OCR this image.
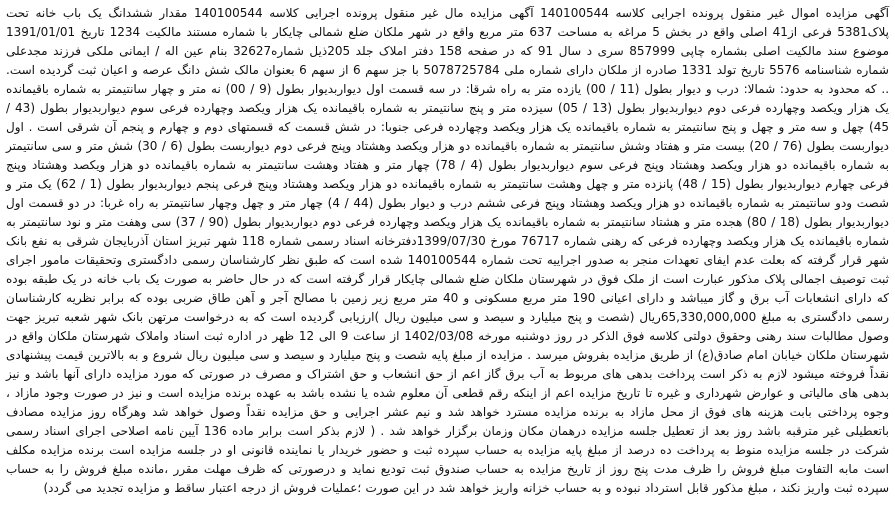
آگهی مزایده اموال غیر منقول پرونده اجرایی کلاسه 140100544 آگهی مزایده مال غیر منقول پرونده اجرایی کلاسه 140100544 مقدار ششدانگ یک باب خانه تحت پلاک5381 فرعی از41 اصلی واقع در بخش 5 مراغه به مساحت 637 متر مربع واقع در شهر ملکان ضلع شمالی چایکار با شماره مستند مالکیت 1234 تاریخ 1391/01/01 موضوع سند مالکیت اصلی بشماره چاپی 857999 سری د سال 91 که در صفحه 158 دفتر املاک جلد 205ذیل شماره32627 بنام عین اله / ایمانی ملکی فرزند مجدعلی شماره شناسنامه 5576 تاریخ تولد 1331 صادره از ملکان دارای شماره ملی 5078725784 با جز سهم 6 از سهم 6 بعنوان مالک شش دانگ عرصه و اعیان ثبت گردیده است. .. که محدود به حدود: شمالا: درب و دیوار بطول (11 / 00) یازده متر به راه شرقا: در سه قسمت اول دیواربدیوار بطول (9 / 00) نه متر و چهار سانتیمتر به شماره باقیمانده یک هزار ویکصد وچهارده فرعی دوم دیواربدیوار بطول (13 / 05) سیزده متر و پنج سانتیمتر به شماره باقیمانده یک هزار ویکصد وچهارده فرعی سوم دیواربدیوار بطول (43 / 45) چهل و سه متر و چهل و پنج سانتیمتر به شماره باقیمانده یک هزار ویکصد وچهارده فرعی جنوبا: در شش قسمت که قسمتهای دوم و چهارم و پنجم آن شرقی است . اول دیواربست بطول (76 / 20) بیست متر و هفتاد وشش سانتیمتر به شماره باقیمانده دو هزار ویکصد وهشتاد وپنج فرعی دوم دیواربست بطول (6 / 30) شش متر و سی سانتیمتر به شماره باقیمانده دو هزار ویکصد وهشتاد وپنج فرعی سوم دیواربدیوار بطول (4 / 78) چهار متر و هفتاد وهشت سانتیمتر به شماره باقیمانده دو هزار ویکصد وهشتاد وپنج فرعی چهارم دیواربدیوار بطول (15 / 48) پانزده متر و چهل وهشت سانتیمتر به شماره باقیمانده دو هزار ویکصد وهشتاد وپنج فرعی پنجم دیواربدیوار بطول (1 / 62) یک متر و شصت ودو سانتیمتر به شماره باقیمانده دو هزار ویکصد وهشتاد وپنج فرعی ششم درب و دیوار بطول (44 / 4) چهار متر و چهل وچهار سانتیمتر به راه غربا: در دو قسمت اول دیواربدیوار بطول (18 / 80) هجده متر و هشتاد سانتیمتر به شماره باقیمانده یک هزار ویکصد وچهارده فرعی دوم دیواربدیوار بطول (90 / 37) سی وهفت متر و نود سانتیمتر به شماره باقیمانده یک هزار ویکصد وچهارده فرعی که رهنی شماره 76717 مورخ 1399/07/30دفترخانه اسناد رسمی شماره 118 شهر تبریز استان آذربایجان شرقی به نفع بانک شهر قرار گرفته که بعلت عدم ایفای تعهدات منجر به صدور اجراییه تحت شماره 140100544 شده است که طبق نظر کارشناسان رسمی دادگستری وتحقیقات مامور اجرای ثبت توصیف اجمالی پلاک مذکور عبارت است از ملک فوق در شهرستان ملکان ضلع شمالی چایکار قرار گرفته است که در حال حاضر به صورت یک باب خانه در یک طبقه بوده که دارای انشعابات آب برق و گاز میباشد و دارای اعیانی 190 متر مربع مسکونی و 40 متر مربع زیر زمین با مصالح آجر و آهن طاق ضربی بوده که برابر نظریه کارشناسان رسمی دادگستری به مبلغ 65,330,000,000ریال (شصت و پنج میلیارد و سیصد و سی میلیون ریال )ارزیابی گردیده است که به درخواست مرتهن بانک شهر شعبه تبریز جهت وصول مطالبات سند رهنی وحقوق دولتی کلاسه فوق الذکر در روز دوشنبه مورخه 1402/03/08 از ساعت 9 الی 12 ظهر در اداره ثبت اسناد واملاک شهرستان ملکان واقع در شهرستان ملکان خیابان امام صادق(ع) از طریق مزایده بفروش میرسد . مزایده از مبلغ پایه شصت و پنج میلیارد و سیصد و سی میلیون ریال شروع و به بالاترین قیمت پیشنهادی نقداً فروخته میشود لازم به ذکر است پرداخت بدهی های مربوط به آب برق گاز اعم از حق انشعاب و حق اشتراک و مصرف در صورتی که مورد مزایده دارای آنها باشد و نیز بدهی های مالیاتی و عوارض شهرداری و غیره تا تاریخ مزایده اعم از اینکه رقم قطعی آن معلوم شده یا نشده باشد به عهده برنده مزایده است و نیز در صورت وجود مازاد ، وجوه پرداختی بابت هزینه های فوق از محل مازاد به برنده مزایده مسترد خواهد شد و نیم عشر اجرایی و حق مزایده نقداً وصول خواهد شد وهرگاه روز مزایده مصادف باتعطیلی غیر مترقبه باشد روز بعد از تعطیل جلسه مزایده درهمان مکان وزمان برگزار خواهد شد . ( لازم بذکر است برابر ماده 136 آیین نامه اصلاحی اجرای اسناد رسمی شرکت در جلسه مزایده منوط به پرداخت ده درصد از مبلغ پایه مزایده به حساب سپرده ثبت و حضور خریدار یا نماینده قانونی او در جلسه مزایده است برنده مزایده مکلف است مابه التفاوت مبلغ فروش را ظرف مدت پنج روز از تاریخ مزایده به حساب صندوق ثبت تودیع نماید و درصورتی که ظرف مهلت مقرر ،مانده مبلغ فروش را به حساب سپرده ثبت واریز نکند ، مبلغ مذکور قابل استرداد نبوده و به حساب خزانه واریز خواهد شد در این صورت ؛عملیات فروش از درجه اعتبار ساقط و مزایده تجدید می گردد)
